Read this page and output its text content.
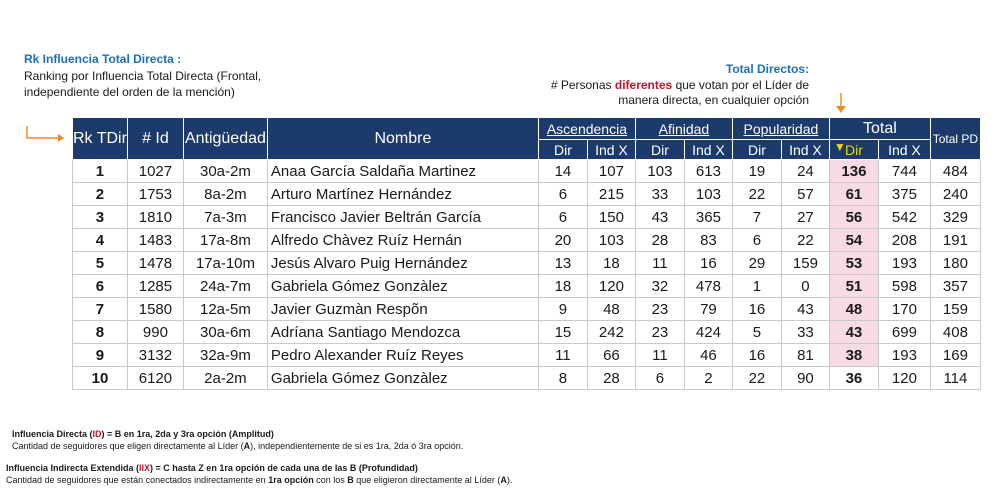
Rk Influencia Total Directa :
Ranking por Influencia Total Directa (Frontal, independiente del orden de la mención)
Total Directos:
# Personas diferentes que votan por el Líder de manera directa, en cualquier opción
Rk TDir	# Id	Antigüedad	Nombre	Ascendencia		Afinidad		Popularidad		Total		Total PD
				Dir	Ind X	Dir	Ind X	Dir	Ind X	▼ Dir	Ind X	
1	1027	30a-2m	Anaa García Saldaña Martinez	14	107	103	613	19	24	136	744	484
2	1753	8a-2m	Arturo Martínez Hernández	6	215	33	103	22	57	61	375	240
3	1810	7a-3m	Francisco Javier Beltrán García	6	150	43	365	7	27	56	542	329
4	1483	17a-8m	Alfredo Chàvez Ruíz Hernán	20	103	28	83	6	22	54	208	191
5	1478	17a-10m	Jesús Alvaro Puig Hernández	13	18	11	16	29	159	53	193	180
6	1285	24a-7m	Gabriela Gómez Gonzàlez	18	120	32	478	1	0	51	598	357
7	1580	12a-5m	Javier Guzmàn Respõn	9	48	23	79	16	43	48	170	159
8	990	30a-6m	Adríana Santiago Mendozca	15	242	23	424	5	33	43	699	408
9	3132	32a-9m	Pedro Alexander Ruíz Reyes	11	66	11	46	16	81	38	193	169
10	6120	2a-2m	Gabriela Gómez Gonzàlez	8	28	6	2	22	90	36	120	114
Influencia Directa (ID) = B en 1ra, 2da y 3ra opción (Amplitud)
Cantidad de seguidores que eligen directamente al Líder (A), independientemente de si es 1ra, 2da ó 3ra opción.
Influencia Indirecta Extendida (IIX) = C hasta Z en 1ra opción de cada una de las B (Profundidad)
Cantidad de seguidores que están conectados indirectamente en 1ra opción con los B que eligieron directamente al Líder (A).
